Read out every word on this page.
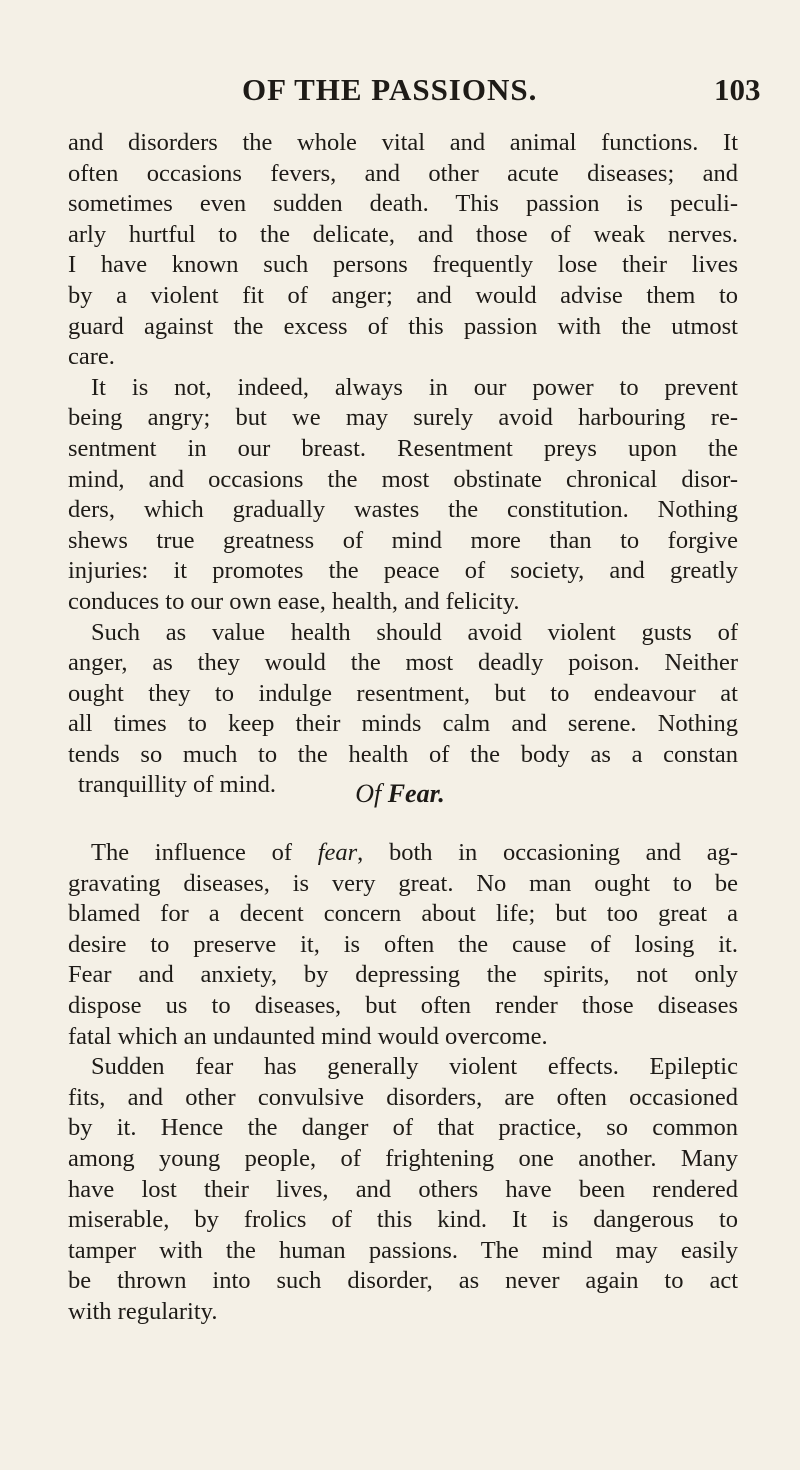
OF THE PASSIONS.	103
and disorders the whole vital and animal functions. It
often occasions fevers, and other acute diseases; and
sometimes even sudden death. This passion is peculi-
arly hurtful to the delicate, and those of weak nerves.
I have known such persons frequently lose their lives
by a violent fit of anger; and would advise them to
guard against the excess of this passion with the utmost
care.
It is not, indeed, always in our power to prevent
being angry; but we may surely avoid harbouring re-
sentment in our breast. Resentment preys upon the
mind, and occasions the most obstinate chronical disor-
ders, which gradually wastes the constitution. Nothing
shews true greatness of mind more than to forgive
injuries: it promotes the peace of society, and greatly
conduces to our own ease, health, and felicity.
Such as value health should avoid violent gusts of
anger, as they would the most deadly poison. Neither
ought they to indulge resentment, but to endeavour at
all times to keep their minds calm and serene. Nothing
tends so much to the health of the body as a constan
tranquillity of mind.	Of Fear.
The influence of fear, both in occasioning and ag-
gravating diseases, is very great. No man ought to be
blamed for a decent concern about life; but too great a
desire to preserve it, is often the cause of losing it.
Fear and anxiety, by depressing the spirits, not only
dispose us to diseases, but often render those diseases
fatal which an undaunted mind would overcome.
Sudden fear has generally violent effects. Epileptic
fits, and other convulsive disorders, are often occasioned
by it. Hence the danger of that practice, so common
among young people, of frightening one another. Many
have lost their lives, and others have been rendered
miserable, by frolics of this kind. It is dangerous to
tamper with the human passions. The mind may easily
be thrown into such disorder, as never again to act
with regularity.
